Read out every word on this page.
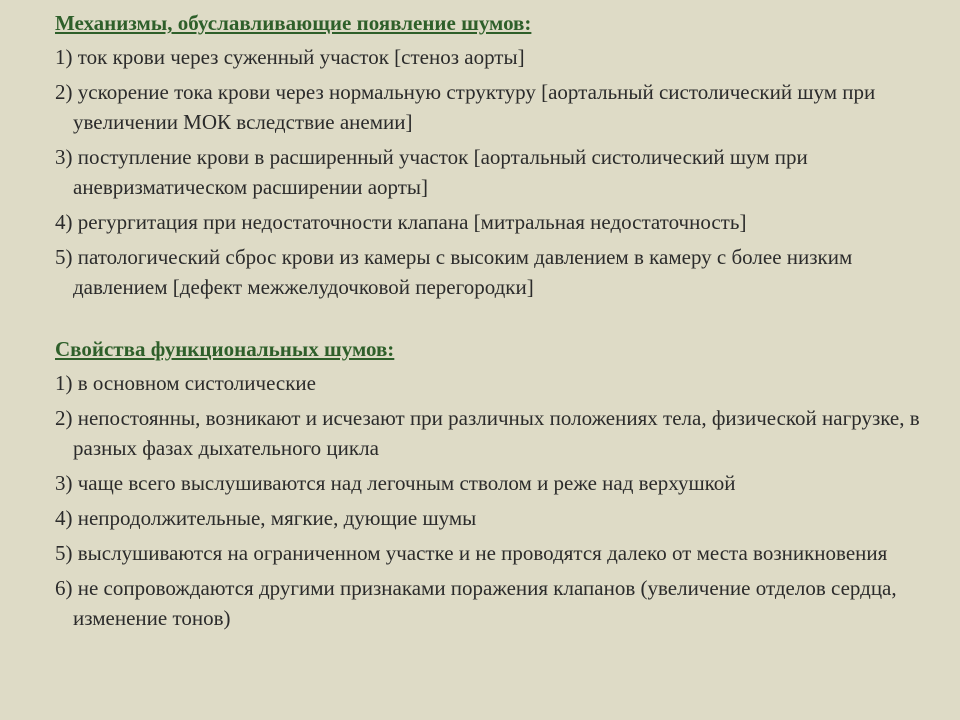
Механизмы, обуславливающие появление шумов:
1) ток крови через суженный участок [стеноз аорты]
2) ускорение тока крови через нормальную структуру [аортальный систолический шум при увеличении МОК вследствие анемии]
3) поступление крови в расширенный участок [аортальный систолический шум при аневризматическом расширении аорты]
4) регургитация при недостаточности клапана [митральная недостаточность]
5) патологический сброс крови из камеры с высоким давлением в камеру с более низким давлением [дефект межжелудочковой перегородки]
Свойства функциональных шумов:
1) в основном систолические
2) непостоянны, возникают и исчезают при различных положениях тела, физической нагрузке, в разных фазах дыхательного цикла
3) чаще всего выслушиваются над легочным стволом и реже над верхушкой
4) непродолжительные, мягкие, дующие шумы
5) выслушиваются на ограниченном участке и не проводятся далеко от места возникновения
6) не сопровождаются другими признаками поражения клапанов (увеличение отделов сердца, изменение тонов)
